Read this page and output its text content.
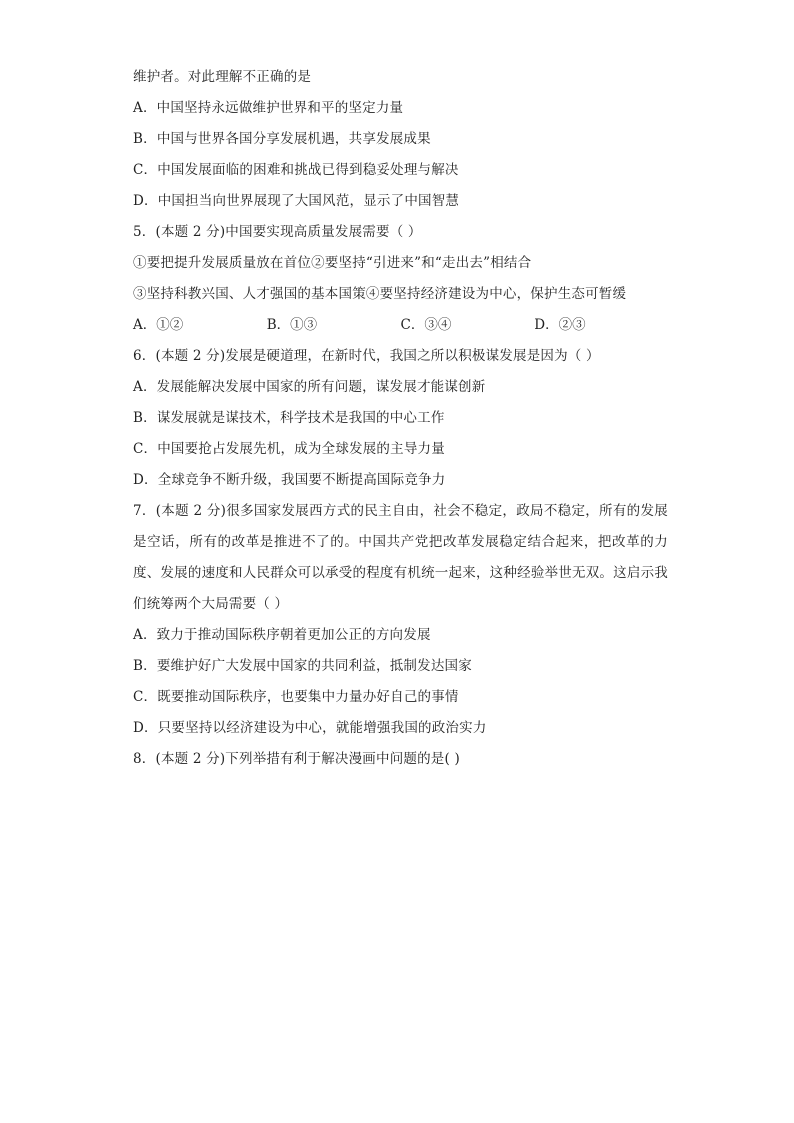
维护者。对此理解不正确的是
A．中国坚持永远做维护世界和平的坚定力量
B．中国与世界各国分享发展机遇，共享发展成果
C．中国发展面临的困难和挑战已得到稳妥处理与解决
D．中国担当向世界展现了大国风范，显示了中国智慧
5．(本题 2 分)中国要实现高质量发展需要（ ）
①要把提升发展质量放在首位②要坚持“引进来”和“走出去”相结合
③坚持科教兴国、人才强国的基本国策④要坚持经济建设为中心，保护生态可暂缓
A．①②	B．①③	C．③④	D．②③
6．(本题 2 分)发展是硬道理，在新时代，我国之所以积极谋发展是因为（ ）
A．发展能解决发展中国家的所有问题，谋发展才能谋创新
B．谋发展就是谋技术，科学技术是我国的中心工作
C．中国要抢占发展先机，成为全球发展的主导力量
D．全球竞争不断升级，我国要不断提高国际竞争力
7．(本题 2 分)很多国家发展西方式的民主自由，社会不稳定，政局不稳定，所有的发展是空话，所有的改革是推进不了的。中国共产党把改革发展稳定结合起来，把改革的力度、发展的速度和人民群众可以承受的程度有机统一起来，这种经验举世无双。这启示我们统筹两个大局需要（ ）
A．致力于推动国际秩序朝着更加公正的方向发展
B．要维护好广大发展中国家的共同利益，抵制发达国家
C．既要推动国际秩序，也要集中力量办好自己的事情
D．只要坚持以经济建设为中心，就能增强我国的政治实力
8．(本题 2 分)下列举措有利于解决漫画中问题的是( )
